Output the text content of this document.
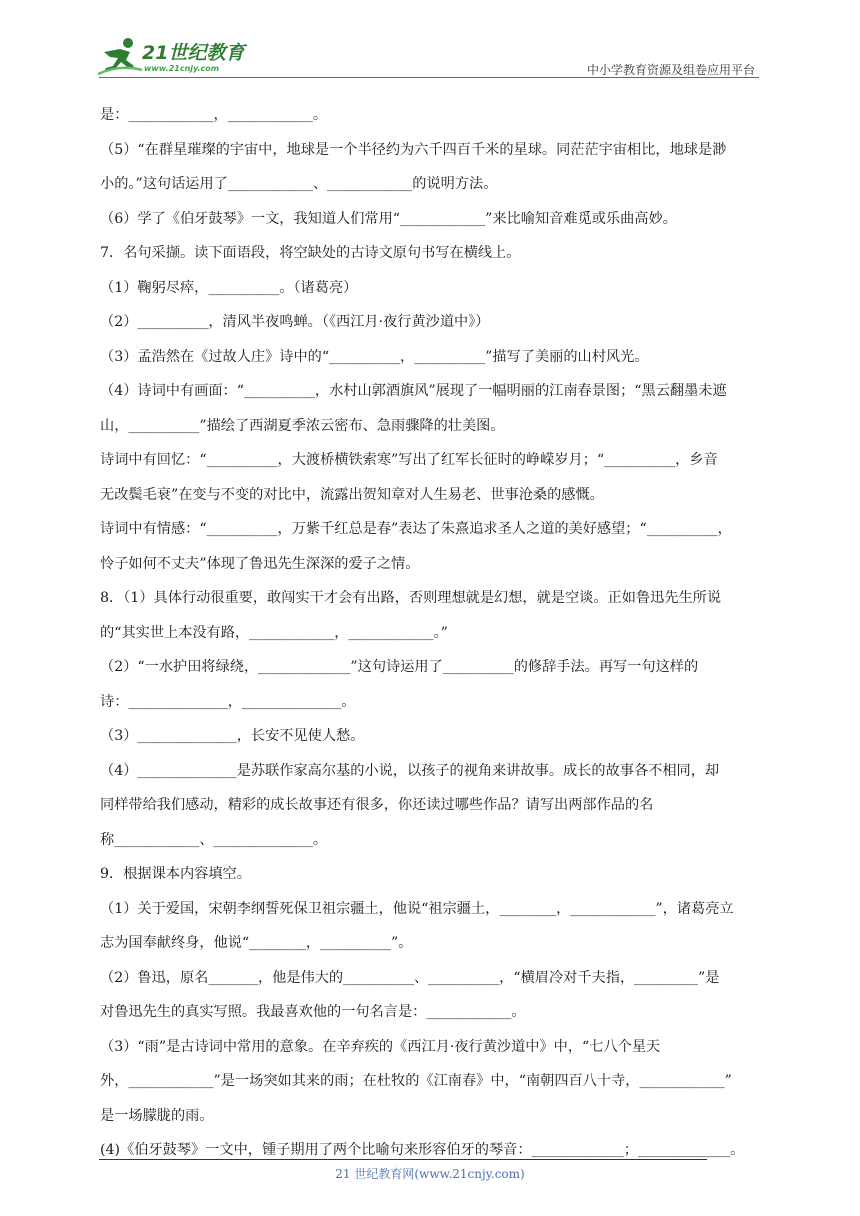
21世纪教育
www.21cnjy.com	中小学教育资源及组卷应用平台
是：____________，____________。
（5）“在群星璀璨的宇宙中，地球是一个半径约为六千四百千米的星球。同茫茫宇宙相比，地球是渺
小的。”这句话运用了____________、____________的说明方法。
（6）学了《伯牙鼓琴》一文，我知道人们常用“____________”来比喻知音难觅或乐曲高妙。
7．名句采撷。读下面语段，将空缺处的古诗文原句书写在横线上。
（1）鞠躬尽瘁，__________。（诸葛亮）
（2）__________，清风半夜鸣蝉。（《西江月·夜行黄沙道中》）
（3）孟浩然在《过故人庄》诗中的“__________，__________”描写了美丽的山村风光。
（4）诗词中有画面：“__________，水村山郭酒旗风”展现了一幅明丽的江南春景图；“黑云翻墨未遮
山，__________”描绘了西湖夏季浓云密布、急雨骤降的壮美图。
诗词中有回忆：“__________，大渡桥横铁索寒”写出了红军长征时的峥嵘岁月；“__________，乡音
无改鬓毛衰”在变与不变的对比中，流露出贺知章对人生易老、世事沧桑的感慨。
诗词中有情感：“__________，万紫千红总是春”表达了朱熹追求圣人之道的美好感望；“__________，
怜子如何不丈夫”体现了鲁迅先生深深的爱子之情。
8．（1）具体行动很重要，敢闯实干才会有出路，否则理想就是幻想，就是空谈。正如鲁迅先生所说
的“其实世上本没有路，____________，____________。”
（2）“一水护田将绿绕，_____________”这句诗运用了__________的修辞手法。再写一句这样的
诗：______________，______________。
（3）______________，长安不见使人愁。
（4）______________是苏联作家高尔基的小说，以孩子的视角来讲故事。成长的故事各不相同，却
同样带给我们感动，精彩的成长故事还有很多，你还读过哪些作品？请写出两部作品的名
称____________、______________。
9．根据课本内容填空。
（1）关于爱国，宋朝李纲誓死保卫祖宗疆土，他说“祖宗疆土，________，____________”，诸葛亮立
志为国奉献终身，他说“________，__________”。
（2）鲁迅，原名_______，他是伟大的__________、__________，“横眉冷对千夫指，_________”是
对鲁迅先生的真实写照。我最喜欢他的一句名言是：____________。
（3）“雨”是古诗词中常用的意象。在辛弃疾的《西江月·夜行黄沙道中》中，“七八个星天
外，____________”是一场突如其来的雨；在杜牧的《江南春》中，“南朝四百八十寺，____________”
是一场朦胧的雨。
(4)《伯牙鼓琴》一文中，锺子期用了两个比喻句来形容伯牙的琴音：_____________；_____________。
21 世纪教育网(www.21cnjy.com)
